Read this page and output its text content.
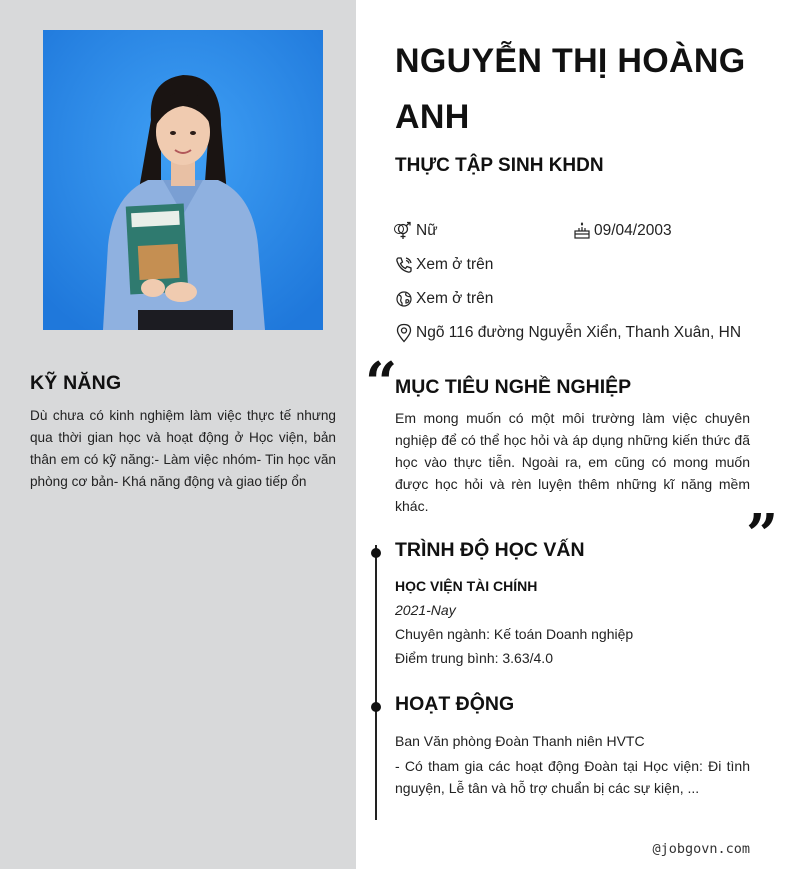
KỸ NĂNG
Dù chưa có kinh nghiệm làm việc thực tế nhưng qua thời gian học và hoạt động ở Học viện, bản thân em có kỹ năng:- Làm việc nhóm- Tin học văn phòng cơ bản- Khá năng động và giao tiếp ổn
NGUYỄN THỊ HOÀNG ANH
THỰC TẬP SINH KHDN
Nữ	09/04/2003
Xem ở trên
Xem ở trên
Ngõ 116 đường Nguyễn Xiển, Thanh Xuân, HN
“
MỤC TIÊU NGHỀ NGHIỆP
Em mong muốn có một môi trường làm việc chuyên nghiệp để có thể học hỏi và áp dụng những kiến thức đã học vào thực tiễn. Ngoài ra, em cũng có mong muốn được học hỏi và rèn luyện thêm những kĩ năng mềm khác.	”
TRÌNH ĐỘ HỌC VẤN
HỌC VIỆN TÀI CHÍNH
2021-Nay
Chuyên ngành: Kế toán Doanh nghiệp
Điểm trung bình: 3.63/4.0
HOẠT ĐỘNG
Ban Văn phòng Đoàn Thanh niên HVTC
- Có tham gia các hoạt động Đoàn tại Học viện: Đi tình nguyện, Lễ tân và hỗ trợ chuẩn bị các sự kiện, ...
@jobgovn.com
